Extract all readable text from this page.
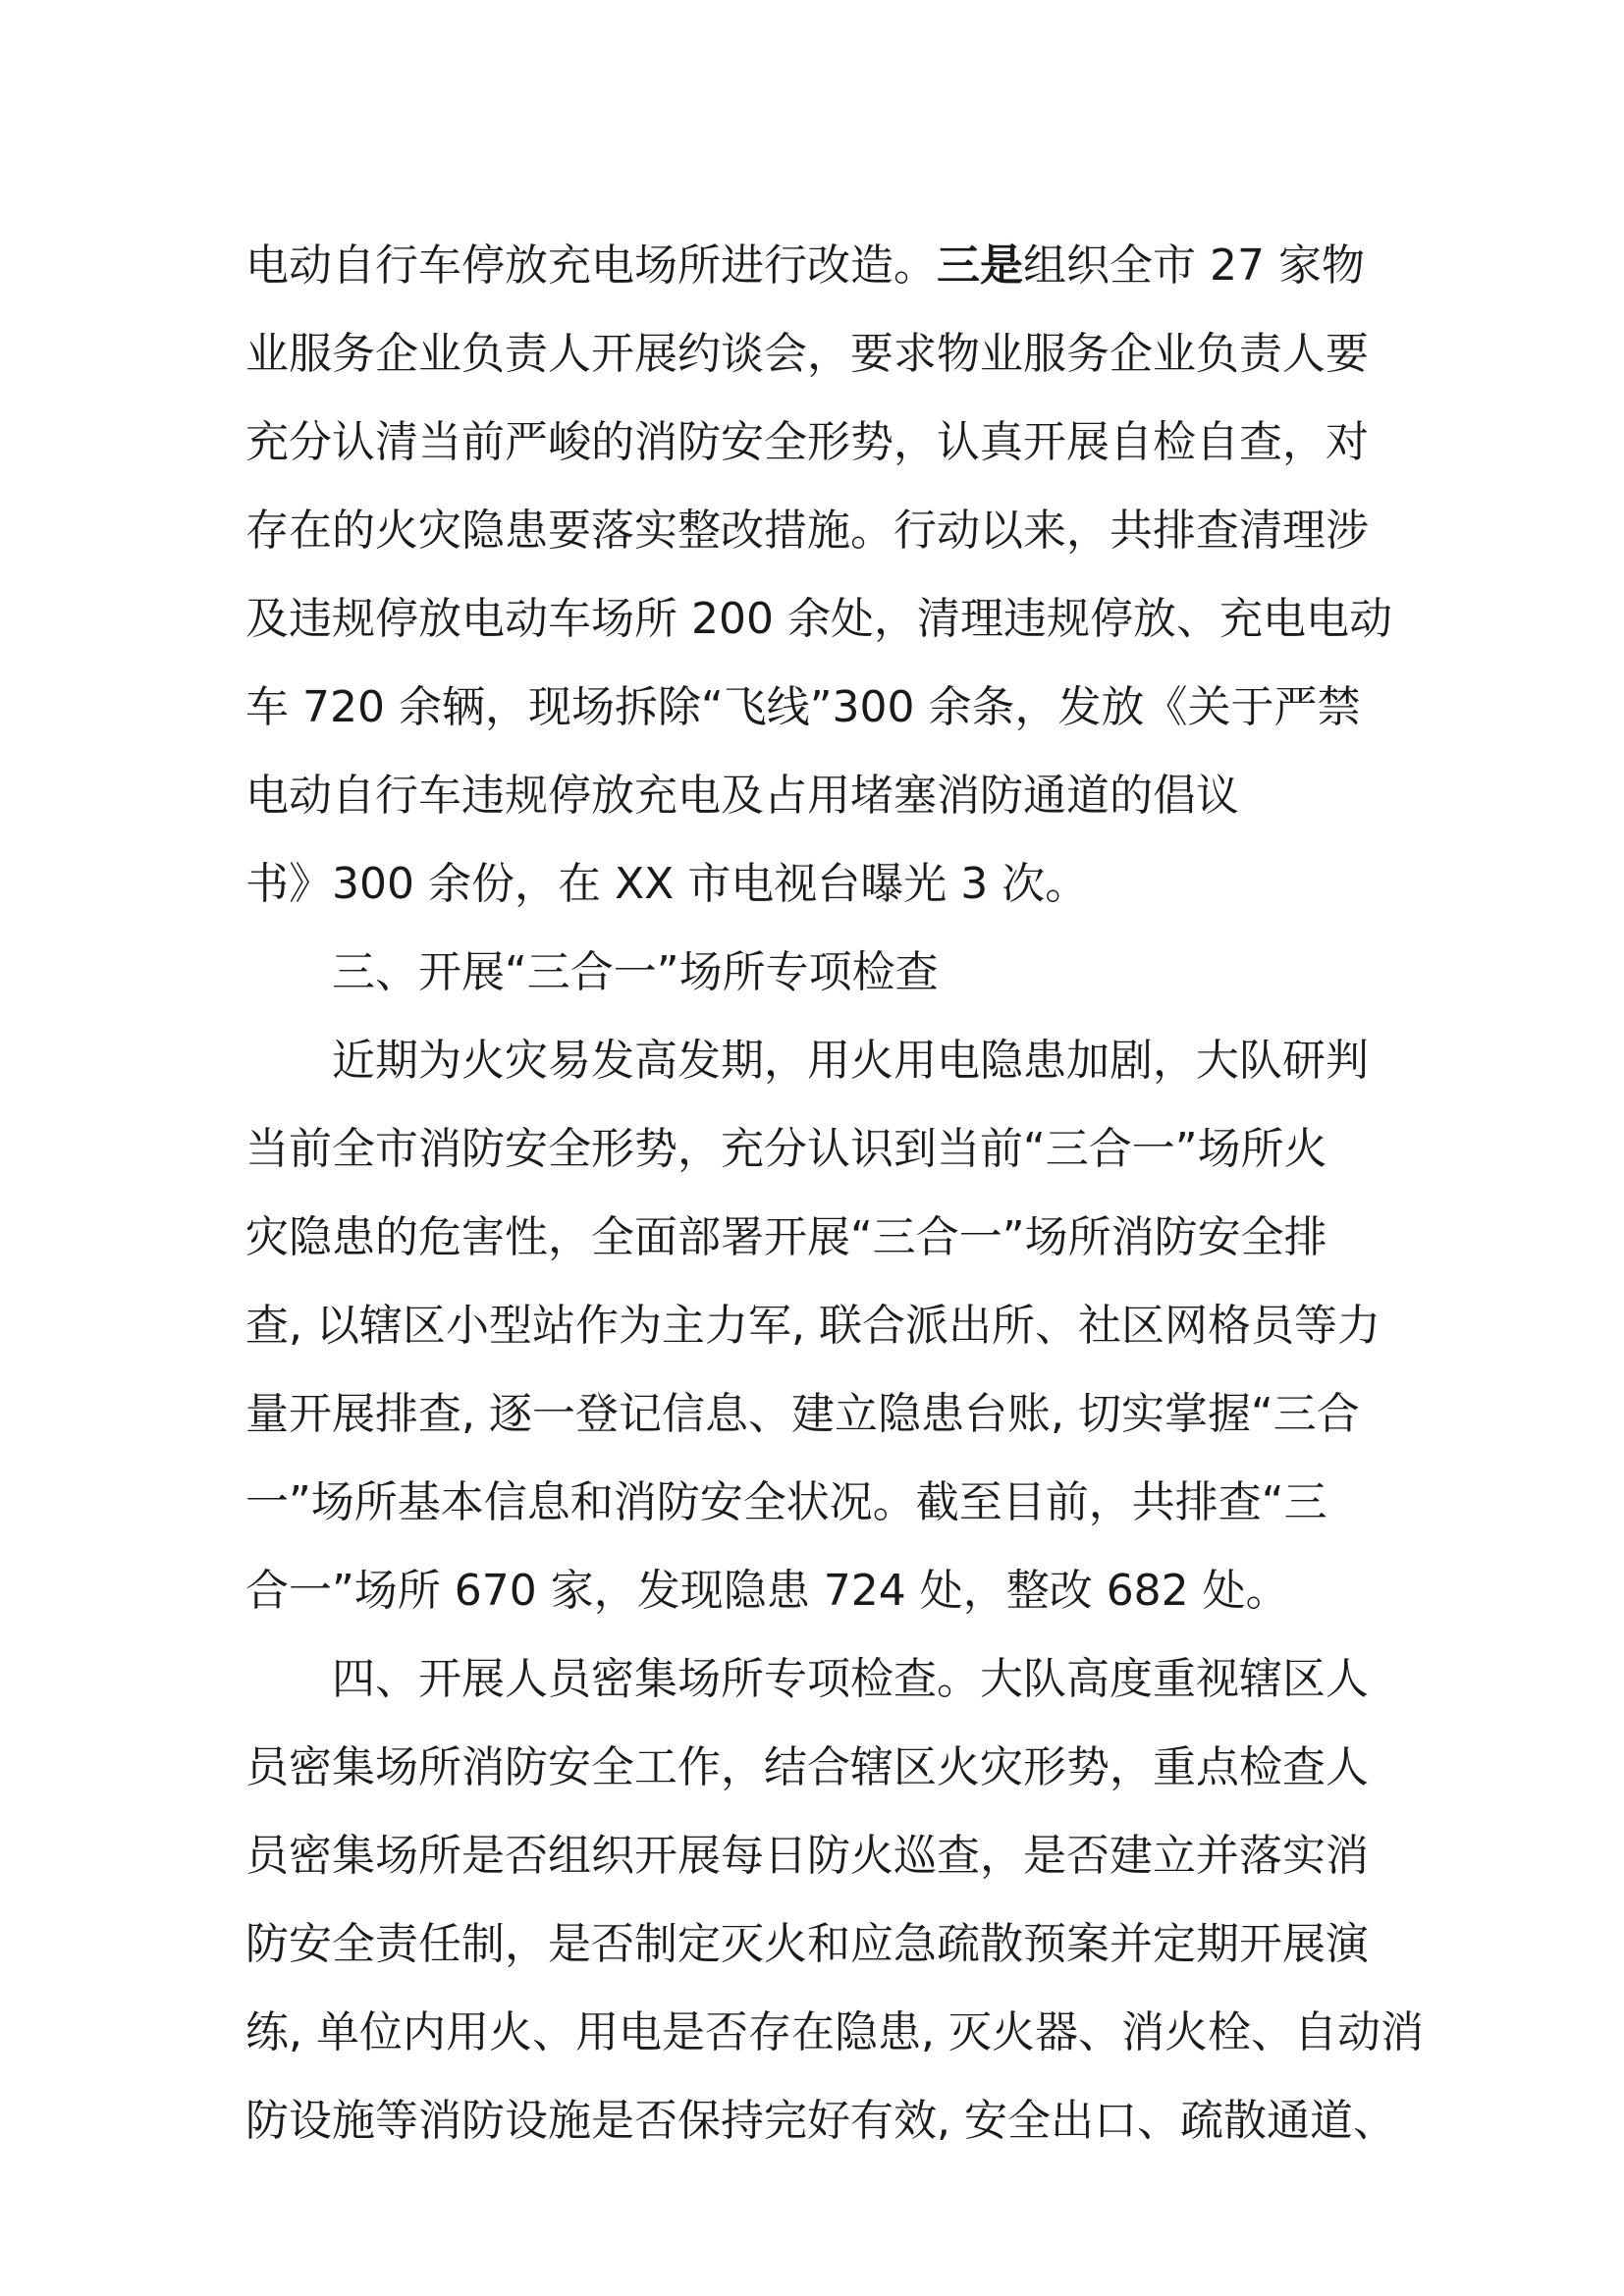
电动自行车停放充电场所进行改造。三是组织全市 27 家物
业服务企业负责人开展约谈会，要求物业服务企业负责人要
充分认清当前严峻的消防安全形势，认真开展自检自查，对
存在的火灾隐患要落实整改措施。行动以来，共排查清理涉
及违规停放电动车场所 200 余处，清理违规停放、充电电动
车 720 余辆，现场拆除“飞线”300 余条，发放《关于严禁
电动自行车违规停放充电及占用堵塞消防通道的倡议
书》300 余份，在 XX 市电视台曝光 3 次。
三、开展“三合一”场所专项检查
近期为火灾易发高发期，用火用电隐患加剧，大队研判
当前全市消防安全形势，充分认识到当前“三合一”场所火
灾隐患的危害性，全面部署开展“三合一”场所消防安全排
查, 以辖区小型站作为主力军, 联合派出所、社区网格员等力
量开展排查, 逐一登记信息、建立隐患台账, 切实掌握“三合
一”场所基本信息和消防安全状况。截至目前，共排查“三
合一”场所 670 家，发现隐患 724 处，整改 682 处。
四、开展人员密集场所专项检查。大队高度重视辖区人
员密集场所消防安全工作，结合辖区火灾形势，重点检查人
员密集场所是否组织开展每日防火巡查，是否建立并落实消
防安全责任制，是否制定灭火和应急疏散预案并定期开展演
练, 单位内用火、用电是否存在隐患, 灭火器、消火栓、自动消
防设施等消防设施是否保持完好有效, 安全出口、疏散通道、
